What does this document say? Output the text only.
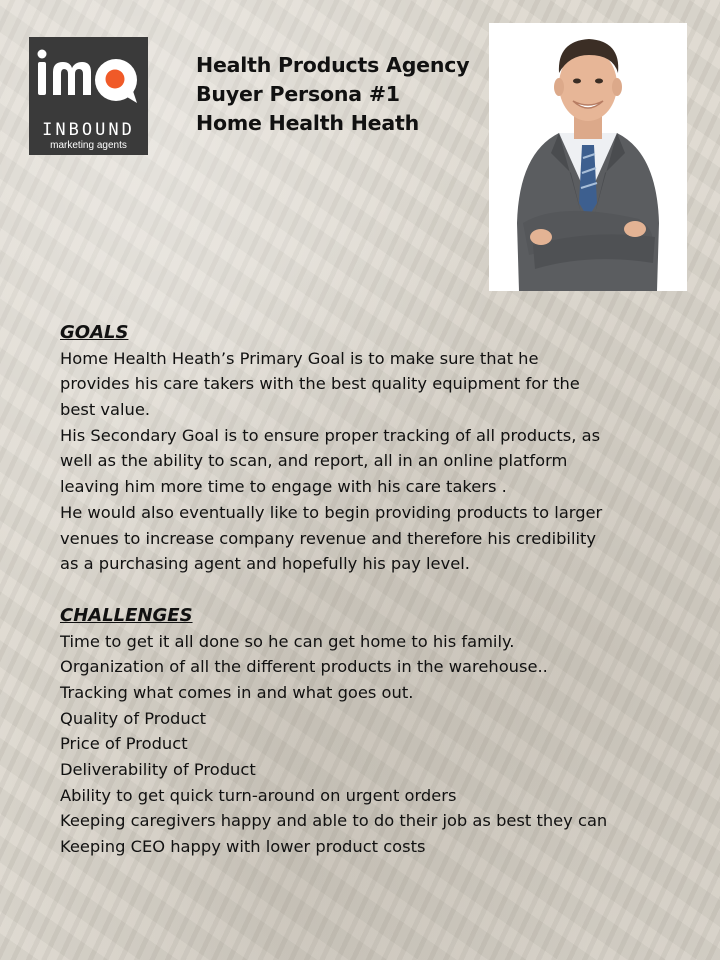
INBOUND
marketing agents
Health Products Agency
Buyer Persona #1
Home Health Heath
GOALS
Home Health Heath’s Primary Goal is to make sure that he
provides his care takers with the best quality equipment for the
best value.
His Secondary Goal is to ensure proper tracking of all products, as
well as the ability to scan, and report, all in an online platform
leaving him more time to engage with his care takers .
He would also eventually like to begin providing products to larger
venues to increase company revenue and therefore his credibility
as a purchasing agent and hopefully his pay level.
CHALLENGES
Time to get it all done so he can get home to his family.
Organization of all the different products in the warehouse..
Tracking what comes in and what goes out.
Quality of Product
Price of Product
Deliverability of Product
Ability to get quick turn-around on urgent orders
Keeping caregivers happy and able to do their job as best they can
Keeping CEO happy with lower product costs
